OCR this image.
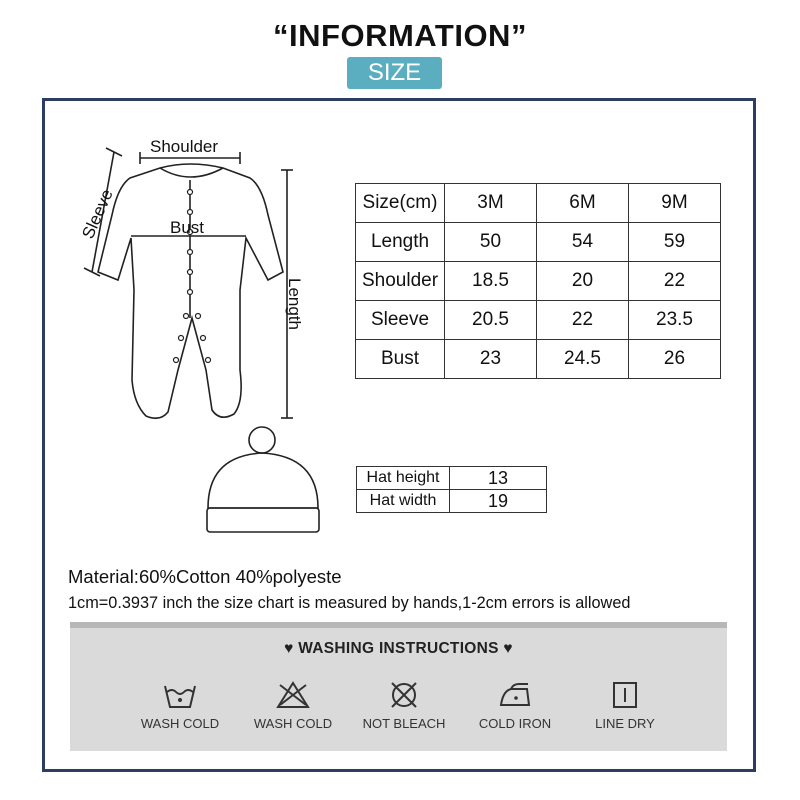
“INFORMATION”
SIZE
Shoulder
Sleeve	Bust
Length
Size(cm)	3M	6M	9M
Length	50	54	59
Shoulder	18.5	20	22
Sleeve	20.5	22	23.5
Bust	23	24.5	26
Hat height	13
Hat width	19
Material:60%Cotton 40%polyeste
1cm=0.3937 inch the size chart is measured by hands,1-2cm errors is allowed
♥ WASHING INSTRUCTIONS ♥
WASH COLD	WASH COLD	NOT BLEACH	COLD IRON	LINE DRY
